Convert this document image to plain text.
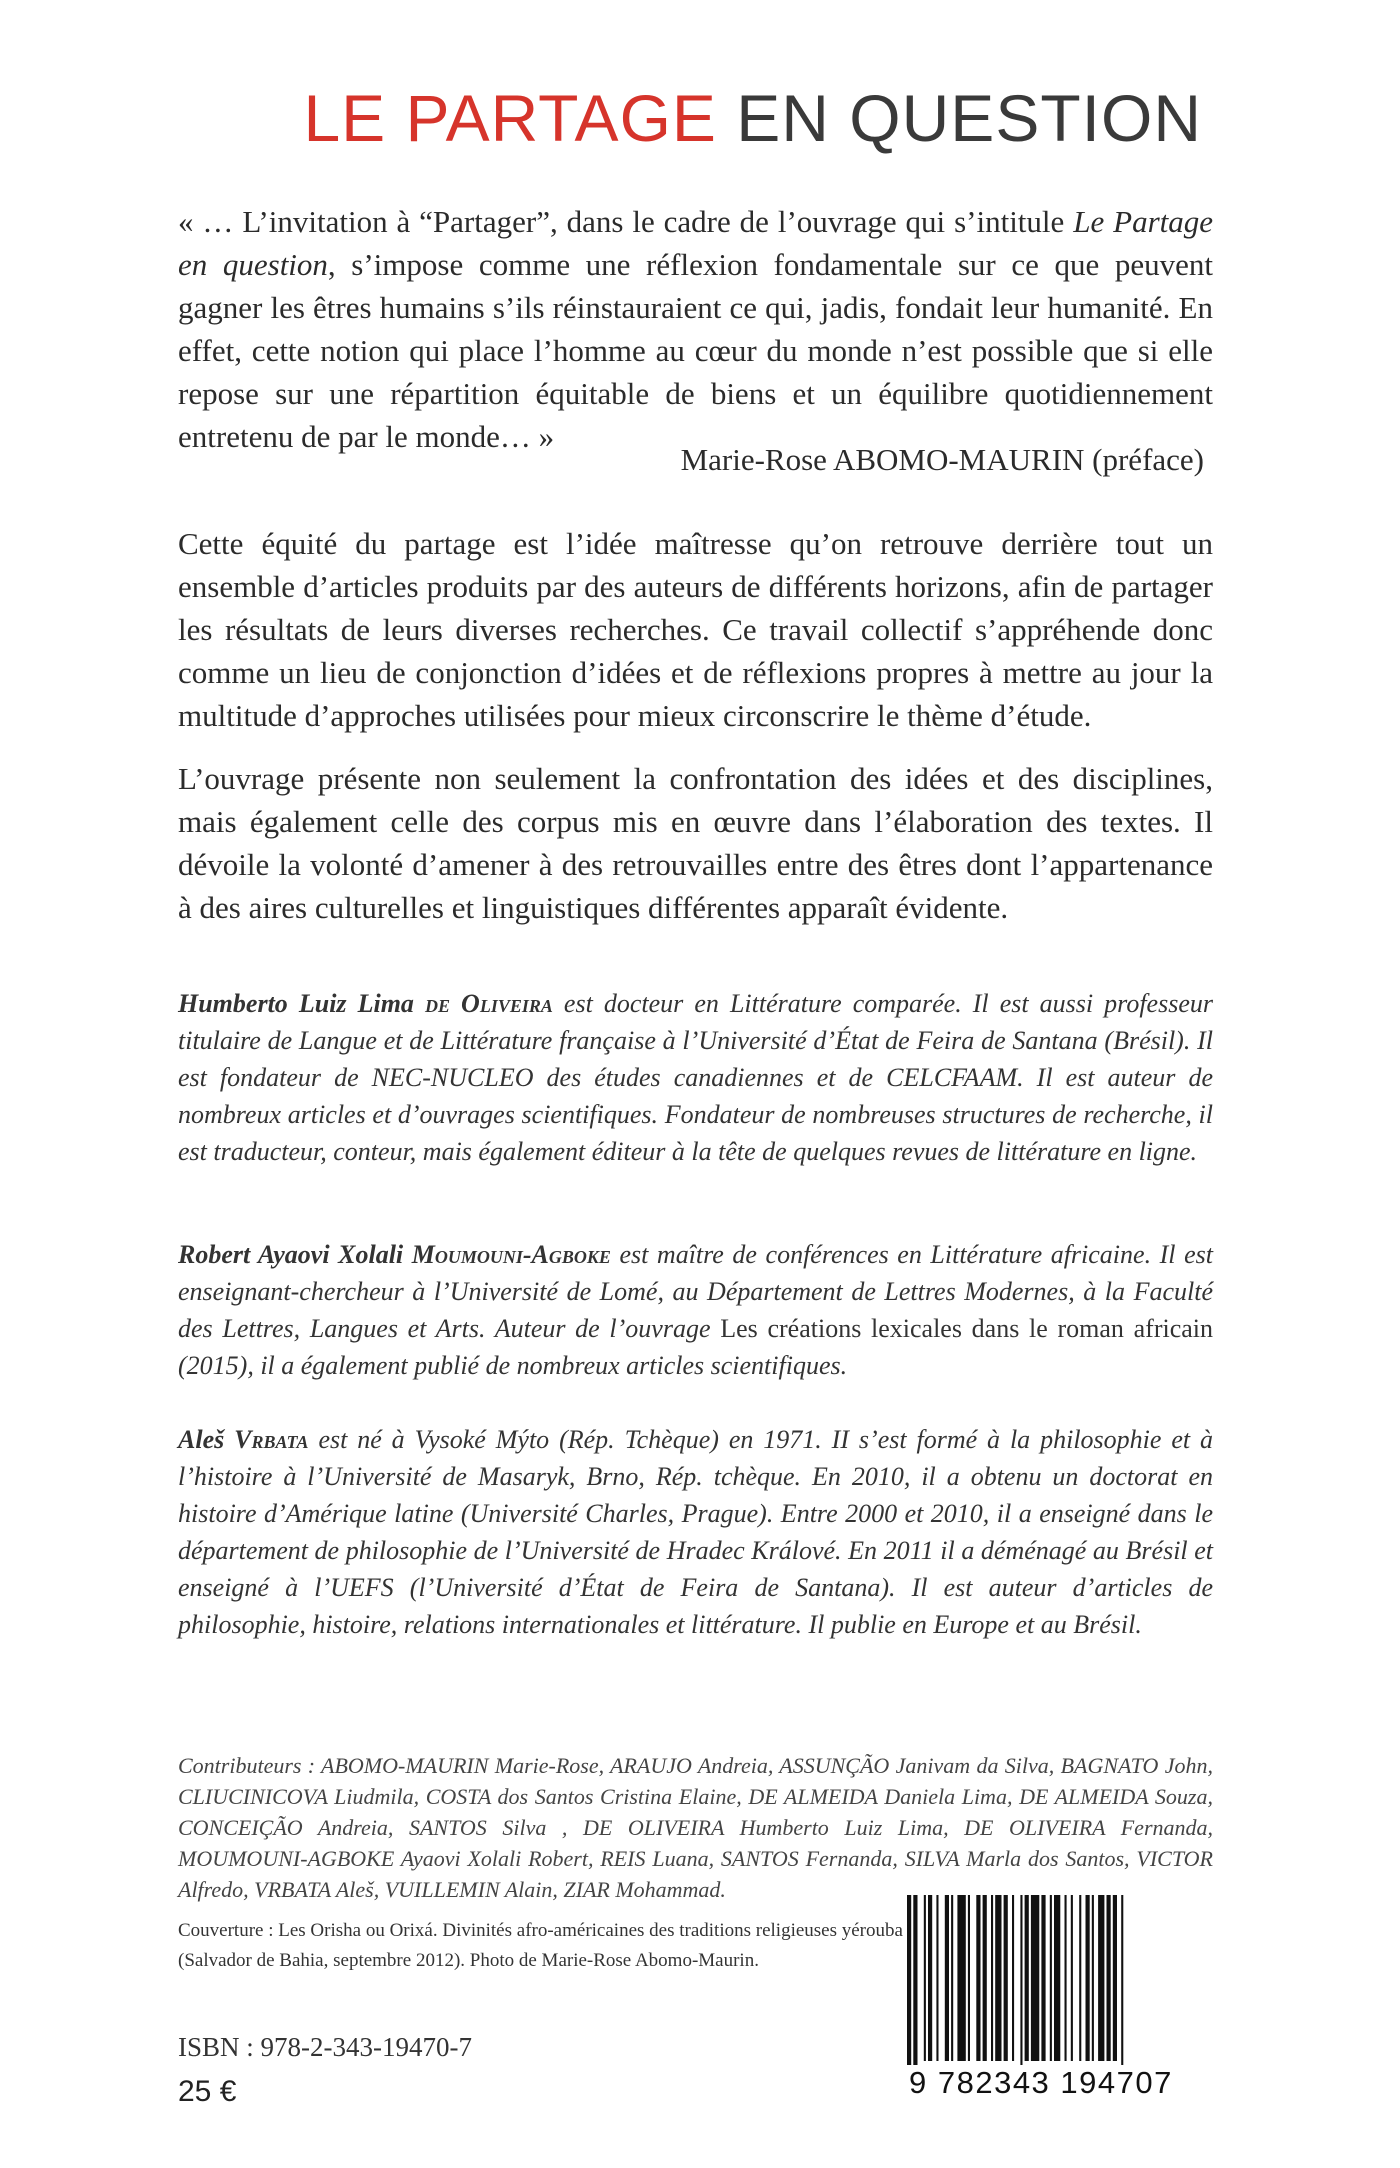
LE PARTAGE EN QUESTION

« … L’invitation à “Partager”, dans le cadre de l’ouvrage qui s’intitule Le Partage en question, s’impose comme une réflexion fondamentale sur ce que peuvent gagner les êtres humains s’ils réinstauraient ce qui, jadis, fondait leur humanité. En effet, cette notion qui place l’homme au cœur du monde n’est possible que si elle repose sur une répartition équitable de biens et un équilibre quotidiennement entretenu de par le monde… »

Marie-Rose ABOMO-MAURIN (préface)

Cette équité du partage est l’idée maîtresse qu’on retrouve derrière tout un ensemble d’articles produits par des auteurs de différents horizons, afin de partager les résultats de leurs diverses recherches. Ce travail collectif s’appréhende donc comme un lieu de conjonction d’idées et de réflexions propres à mettre au jour la multitude d’approches utilisées pour mieux circonscrire le thème d’étude.

L’ouvrage présente non seulement la confrontation des idées et des disciplines, mais également celle des corpus mis en œuvre dans l’élaboration des textes. Il dévoile la volonté d’amener à des retrouvailles entre des êtres dont l’appartenance à des aires culturelles et linguistiques différentes apparaît évidente.

Humberto Luiz Lima de Oliveira est docteur en Littérature comparée. Il est aussi professeur titulaire de Langue et de Littérature française à l’Université d’État de Feira de Santana (Brésil). Il est fondateur de NEC-NUCLEO des études canadiennes et de CELCFAAM. Il est auteur de nombreux articles et d’ouvrages scientifiques. Fondateur de nombreuses structures de recherche, il est traducteur, conteur, mais également éditeur à la tête de quelques revues de littérature en ligne.

Robert Ayaovi Xolali Moumouni-Agboke est maître de conférences en Littérature africaine. Il est enseignant-chercheur à l’Université de Lomé, au Département de Lettres Modernes, à la Faculté des Lettres, Langues et Arts. Auteur de l’ouvrage Les créations lexicales dans le roman africain (2015), il a également publié de nombreux articles scientifiques.

Aleš Vrbata est né à Vysoké Mýto (Rép. Tchèque) en 1971. II s’est formé à la philosophie et à l’histoire à l’Université de Masaryk, Brno, Rép. tchèque. En 2010, il a obtenu un doctorat en histoire d’Amérique latine (Université Charles, Prague). Entre 2000 et 2010, il a enseigné dans le département de philosophie de l’Université de Hradec Králové. En 2011 il a déménagé au Brésil et enseigné à l’UEFS (l’Université d’État de Feira de Santana). Il est auteur d’articles de philosophie, histoire, relations internationales et littérature. Il publie en Europe et au Brésil.

Contributeurs : ABOMO-MAURIN Marie-Rose, ARAUJO Andreia, ASSUNÇÃO Janivam da Silva, BAGNATO John, CLIUCINICOVA Liudmila, COSTA dos Santos Cristina Elaine, DE ALMEIDA Daniela Lima, DE ALMEIDA Souza, CONCEIÇÃO Andreia, SANTOS Silva , DE OLIVEIRA Humberto Luiz Lima, DE OLIVEIRA Fernanda, MOUMOUNI-AGBOKE Ayaovi Xolali Robert, REIS Luana, SANTOS Fernanda, SILVA Marla dos Santos, VICTOR Alfredo, VRBATA Aleš, VUILLEMIN Alain, ZIAR Mohammad.

Couverture : Les Orisha ou Orixá. Divinités afro-américaines des traditions religieuses yérouba (Salvador de Bahia, septembre 2012). Photo de Marie-Rose Abomo-Maurin.

ISBN : 978-2-343-19470-7
25 €	9 782343 194707
